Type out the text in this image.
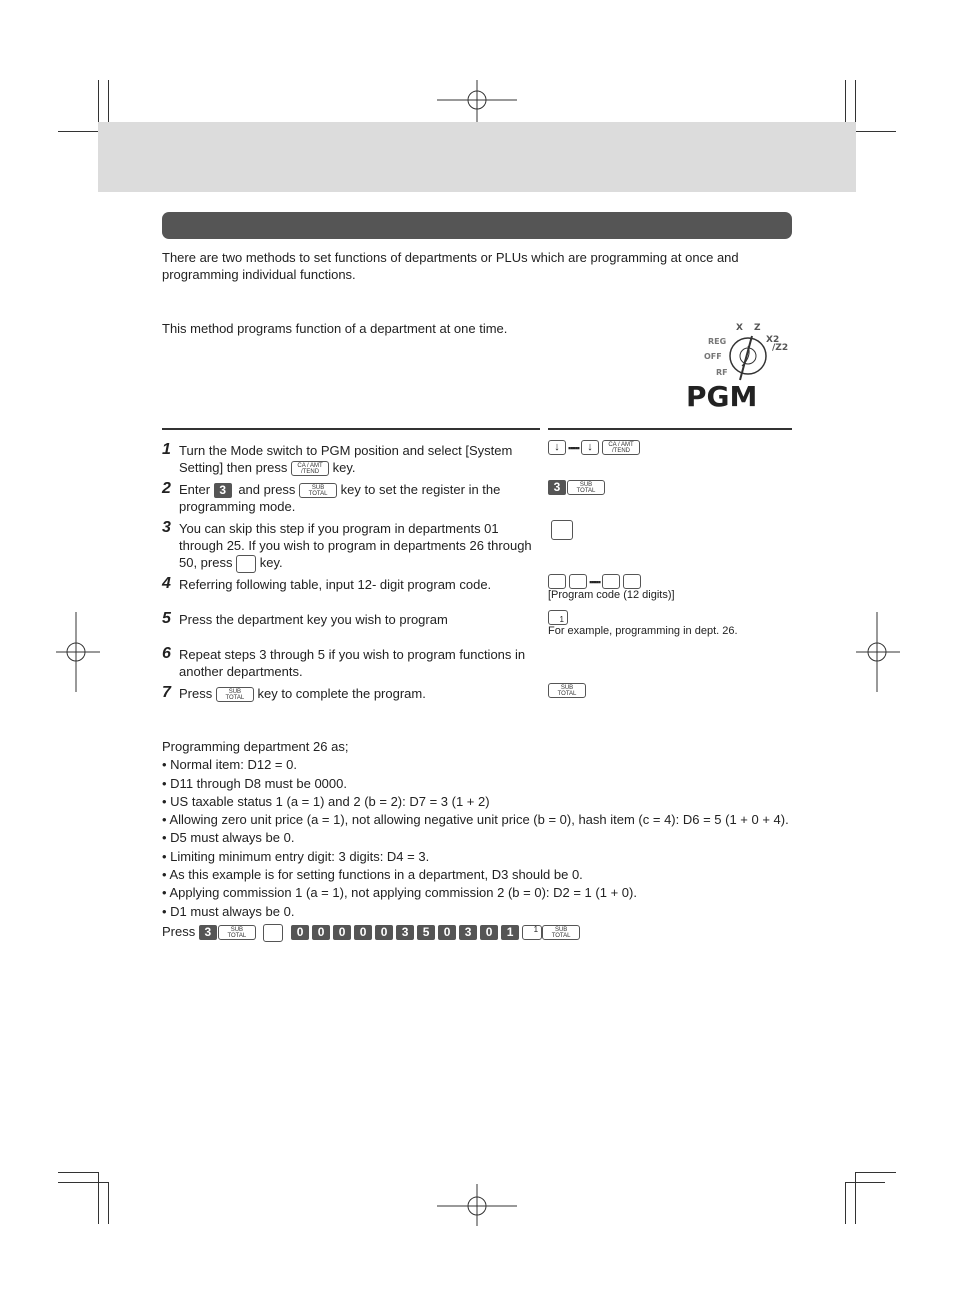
There are two methods to set functions of departments or PLUs which are programming at once and
programming individual functions.
This method programs function of a department at one time.	X Z
REG
OFF
X2
/Z2
RF
PGM
1 Turn the Mode switch to PGM position and select [System Setting] then press CA / AMT
/TEND key.
2 Enter 3 and press	SUB
TOTAL key to set the register in the programming mode.
3 You can skip this step if you program in departments 01 through 25. If you wish to program in departments 26 through 50, press key.
4 Referring following table, input 12- digit program code.
5 Press the department key you wish to program
6 Repeat steps 3 through 5 if you wish to program functions in another departments.
7 Press	SUB
TOTAL key to complete the program.
↓ ▪▪▪▪▪ ↓	CA / AMT
/TEND
3	SUB
TOTAL
▪▪▪▪▪
[Program code (12 digits)]
1
For example, programming in dept. 26.
SUB
TOTAL
Programming department 26 as;
• Normal item: D12 = 0.
• D11 through D8 must be 0000.
• US taxable status 1 (a = 1) and 2 (b = 2): D7 = 3 (1 + 2)
• Allowing zero unit price (a = 1), not allowing negative unit price (b = 0), hash item (c = 4): D6 = 5 (1 + 0 + 4).
• D5 must always be 0.
• Limiting minimum entry digit: 3 digits: D4 = 3.
• As this example is for setting functions in a department, D3 should be 0.
• Applying commission 1 (a = 1), not applying commission 2 (b = 0): D2 = 1 (1 + 0).
• D1 must always be 0.
Press 3	SUB
TOTAL	0 0 0 0 0 3 5 0 3 0 1	1	SUB
TOTAL
